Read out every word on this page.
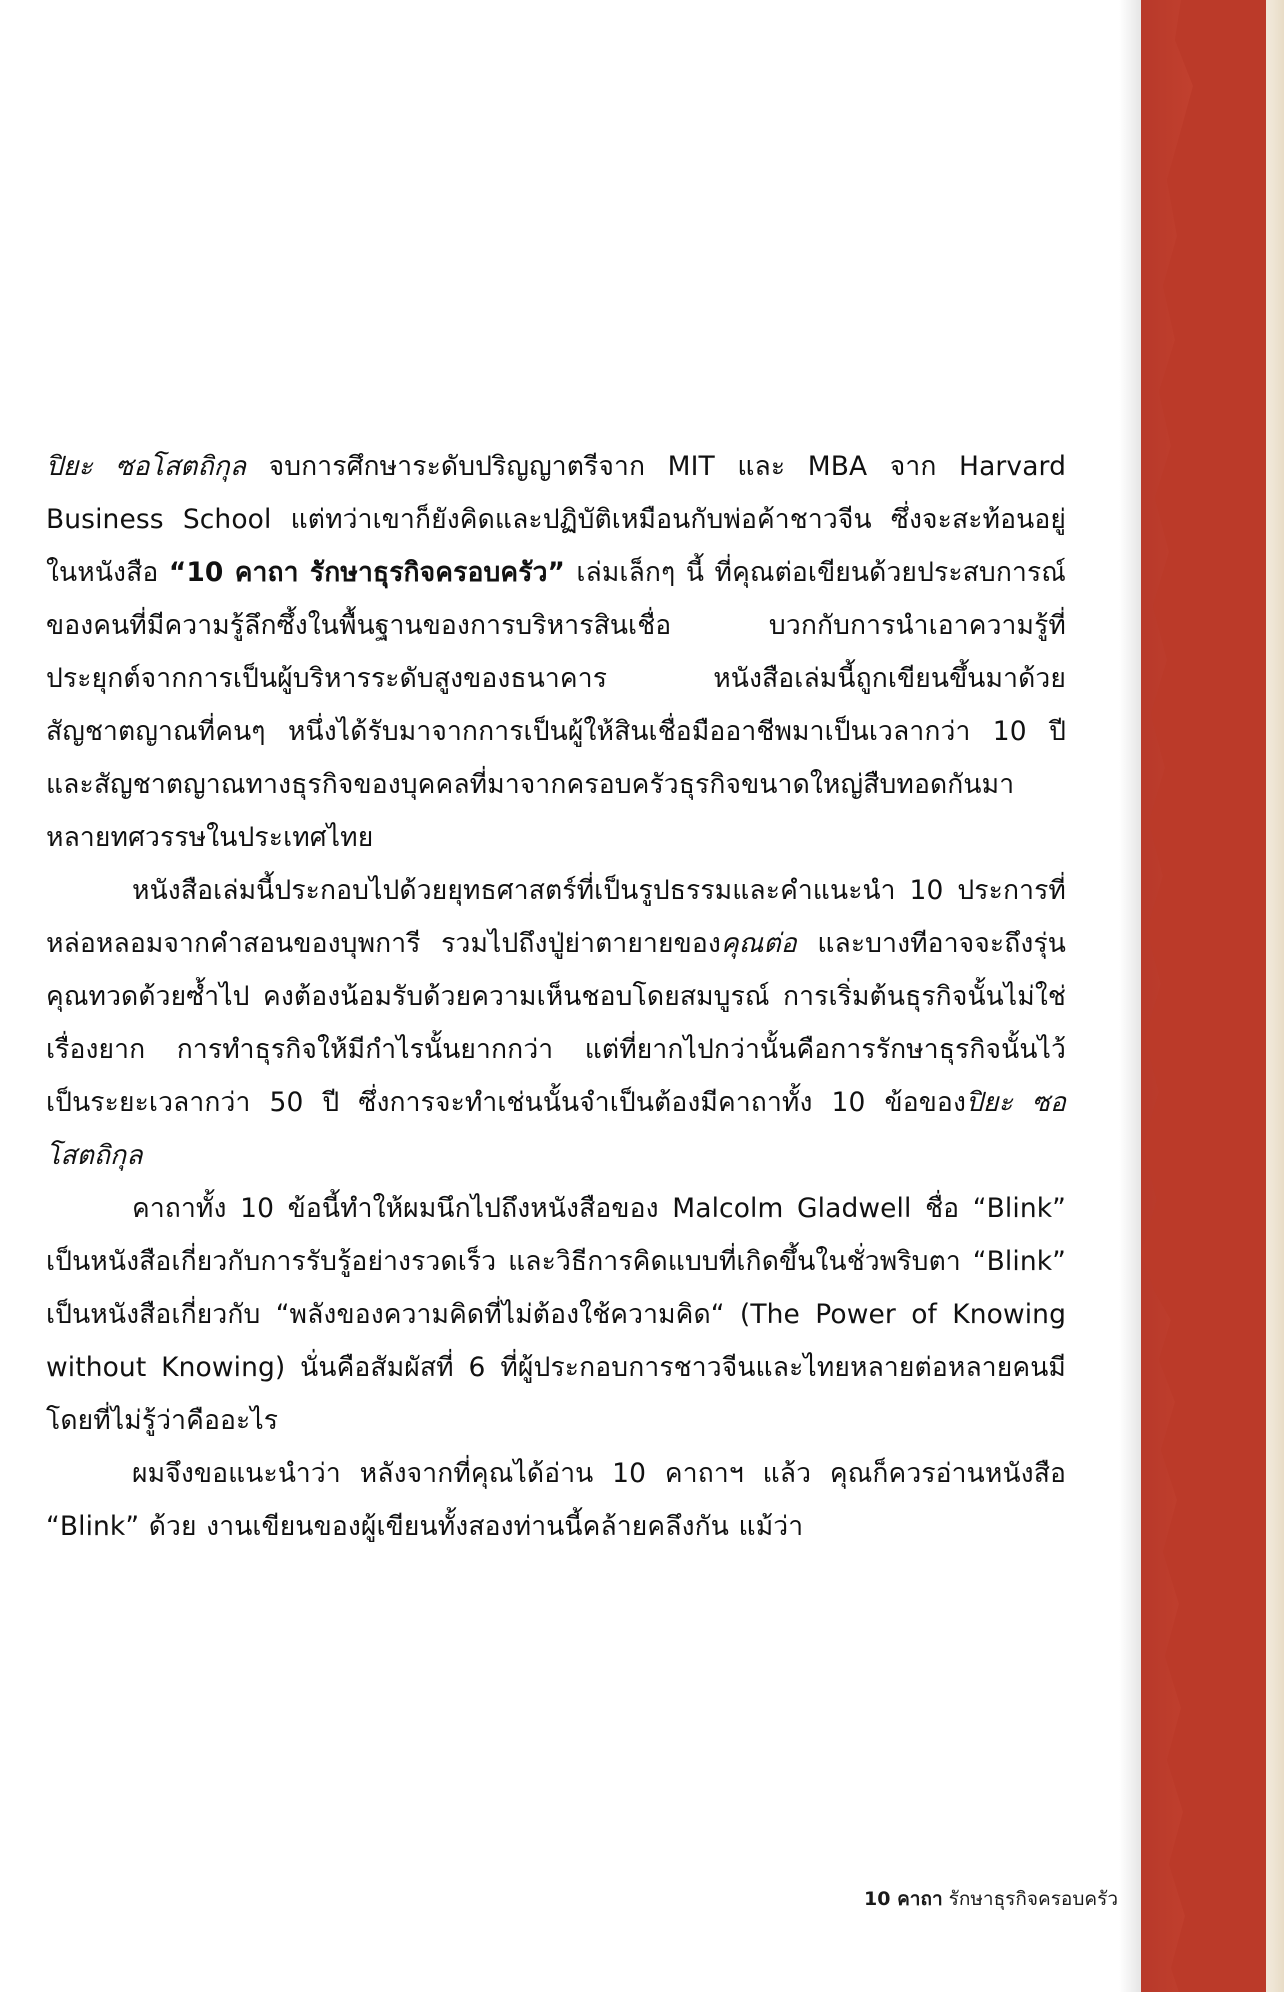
ปิยะ ซอโสตถิกุล จบการศึกษาระดับปริญญาตรีจาก MIT และ MBA จาก Harvard Business School แต่ทว่าเขาก็ยังคิดและปฏิบัติเหมือนกับพ่อค้าชาวจีน ซึ่งจะสะท้อนอยู่ในหนังสือ “10 คาถา รักษาธุรกิจครอบครัว” เล่มเล็กๆ นี้ ที่คุณต่อเขียนด้วยประสบการณ์ของคนที่มีความรู้ลึกซึ้งในพื้นฐานของการบริหารสินเชื่อ บวกกับการนำเอาความรู้ที่ประยุกต์จากการเป็นผู้บริหารระดับสูงของธนาคาร หนังสือเล่มนี้ถูกเขียนขึ้นมาด้วยสัญชาตญาณที่คนๆ หนึ่งได้รับมาจากการเป็นผู้ให้สินเชื่อมืออาชีพมาเป็นเวลากว่า 10 ปี และสัญชาตญาณทางธุรกิจของบุคคลที่มาจากครอบครัวธุรกิจขนาดใหญ่สืบทอดกันมาหลายทศวรรษในประเทศไทย

หนังสือเล่มนี้ประกอบไปด้วยยุทธศาสตร์ที่เป็นรูปธรรมและคำแนะนำ 10 ประการที่หล่อหลอมจากคำสอนของบุพการี รวมไปถึงปู่ย่าตายายของคุณต่อ และบางทีอาจจะถึงรุ่นคุณทวดด้วยซ้ำไป คงต้องน้อมรับด้วยความเห็นชอบโดยสมบูรณ์ การเริ่มต้นธุรกิจนั้นไม่ใช่เรื่องยาก การทำธุรกิจให้มีกำไรนั้นยากกว่า แต่ที่ยากไปกว่านั้นคือการรักษาธุรกิจนั้นไว้เป็นระยะเวลากว่า 50 ปี ซึ่งการจะทำเช่นนั้นจำเป็นต้องมีคาถาทั้ง 10 ข้อของปิยะ ซอโสตถิกุล

คาถาทั้ง 10 ข้อนี้ทำให้ผมนึกไปถึงหนังสือของ Malcolm Gladwell ชื่อ “Blink” เป็นหนังสือเกี่ยวกับการรับรู้อย่างรวดเร็ว และวิธีการคิดแบบที่เกิดขึ้นในชั่วพริบตา “Blink” เป็นหนังสือเกี่ยวกับ “พลังของความคิดที่ไม่ต้องใช้ความคิด“ (The Power of Knowing without Knowing) นั่นคือสัมผัสที่ 6 ที่ผู้ประกอบการชาวจีนและไทยหลายต่อหลายคนมีโดยที่ไม่รู้ว่าคืออะไร

ผมจึงขอแนะนำว่า หลังจากที่คุณได้อ่าน 10 คาถาฯ แล้ว คุณก็ควรอ่านหนังสือ “Blink” ด้วย งานเขียนของผู้เขียนทั้งสองท่านนี้คล้ายคลึงกัน แม้ว่า

10 คาถา รักษาธุรกิจครอบครัว
